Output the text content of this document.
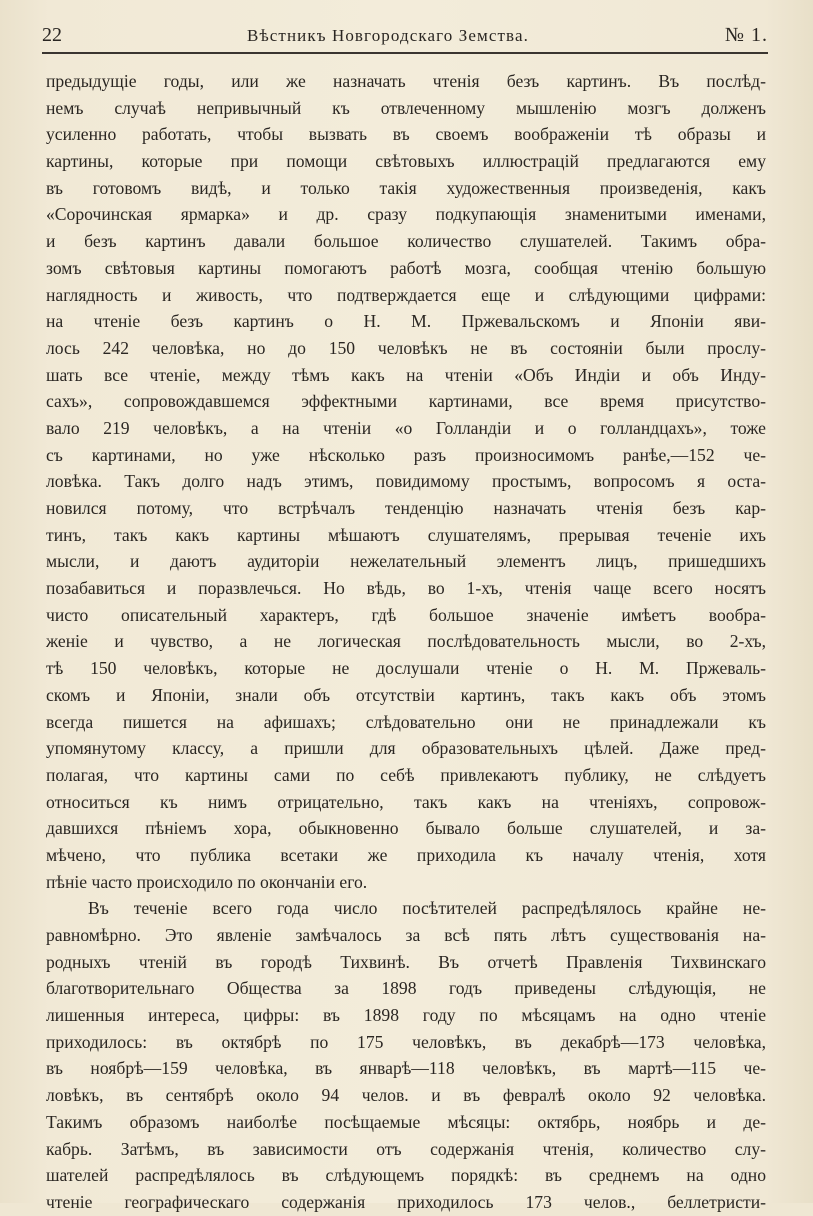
22	Вѣстникъ Новгородскаго Земства.	№ 1.
предыдущіе годы, или же назначать чтенія безъ картинъ. Въ послѣд-
немъ случаѣ непривычный къ отвлеченному мышленію мозгъ долженъ
усиленно работать, чтобы вызвать въ своемъ воображеніи тѣ образы и
картины, которые при помощи свѣтовыхъ иллюстрацій предлагаются ему
въ готовомъ видѣ, и только такія художественныя произведенія, какъ
«Сорочинская ярмарка» и др. сразу подкупающія знаменитыми именами,
и безъ картинъ давали большое количество слушателей. Такимъ обра-
зомъ свѣтовыя картины помогаютъ работѣ мозга, сообщая чтенію большую
наглядность и живость, что подтверждается еще и слѣдующими цифрами:
на чтеніе безъ картинъ о Н. М. Пржевальскомъ и Японіи яви-
лось 242 человѣка, но до 150 человѣкъ не въ состояніи были прослу-
шать все чтеніе, между тѣмъ какъ на чтеніи «Объ Индіи и объ Инду-
сахъ», сопровождавшемся эффектными картинами, все время присутство-
вало 219 человѣкъ, а на чтеніи «о Голландіи и о голландцахъ», тоже
съ картинами, но уже нѣсколько разъ произносимомъ ранѣе,—152 че-
ловѣка. Такъ долго надъ этимъ, повидимому простымъ, вопросомъ я оста-
новился потому, что встрѣчалъ тенденцію назначать чтенія безъ кар-
тинъ, такъ какъ картины мѣшаютъ слушателямъ, прерывая теченіе ихъ
мысли, и даютъ аудиторіи нежелательный элементъ лицъ, пришедшихъ
позабавиться и поразвлечься. Но вѣдь, во 1-хъ, чтенія чаще всего носятъ
чисто описательный характеръ, гдѣ большое значеніе имѣетъ вообра-
женіе и чувство, а не логическая послѣдовательность мысли, во 2-хъ,
тѣ 150 человѣкъ, которые не дослушали чтеніе о Н. М. Пржеваль-
скомъ и Японіи, знали объ отсутствіи картинъ, такъ какъ объ этомъ
всегда пишется на афишахъ; слѣдовательно они не принадлежали къ
упомянутому классу, а пришли для образовательныхъ цѣлей. Даже пред-
полагая, что картины сами по себѣ привлекаютъ публику, не слѣдуетъ
относиться къ нимъ отрицательно, такъ какъ на чтеніяхъ, сопровож-
давшихся пѣніемъ хора, обыкновенно бывало больше слушателей, и за-
мѣчено, что публика всетаки же приходила къ началу чтенія, хотя
пѣніе часто происходило по окончаніи его.
Въ теченіе всего года число посѣтителей распредѣлялось крайне не-
равномѣрно. Это явленіе замѣчалось за всѣ пять лѣтъ существованія на-
родныхъ чтеній въ городѣ Тихвинѣ. Въ отчетѣ Правленія Тихвинскаго
благотворительнаго Общества за 1898 годъ приведены слѣдующія, не
лишенныя интереса, цифры: въ 1898 году по мѣсяцамъ на одно чтеніе
приходилось: въ октябрѣ по 175 человѣкъ, въ декабрѣ—173 человѣка,
въ ноябрѣ—159 человѣка, въ январѣ—118 человѣкъ, въ мартѣ—115 че-
ловѣкъ, въ сентябрѣ около 94 челов. и въ февралѣ около 92 человѣка.
Такимъ образомъ наиболѣе посѣщаемые мѣсяцы: октябрь, ноябрь и де-
кабрь. Затѣмъ, въ зависимости отъ содержанія чтенія, количество слу-
шателей распредѣлялось въ слѣдующемъ порядкѣ: въ среднемъ на одно
чтеніе географическаго содержанія приходилось 173 челов., беллетристи-
